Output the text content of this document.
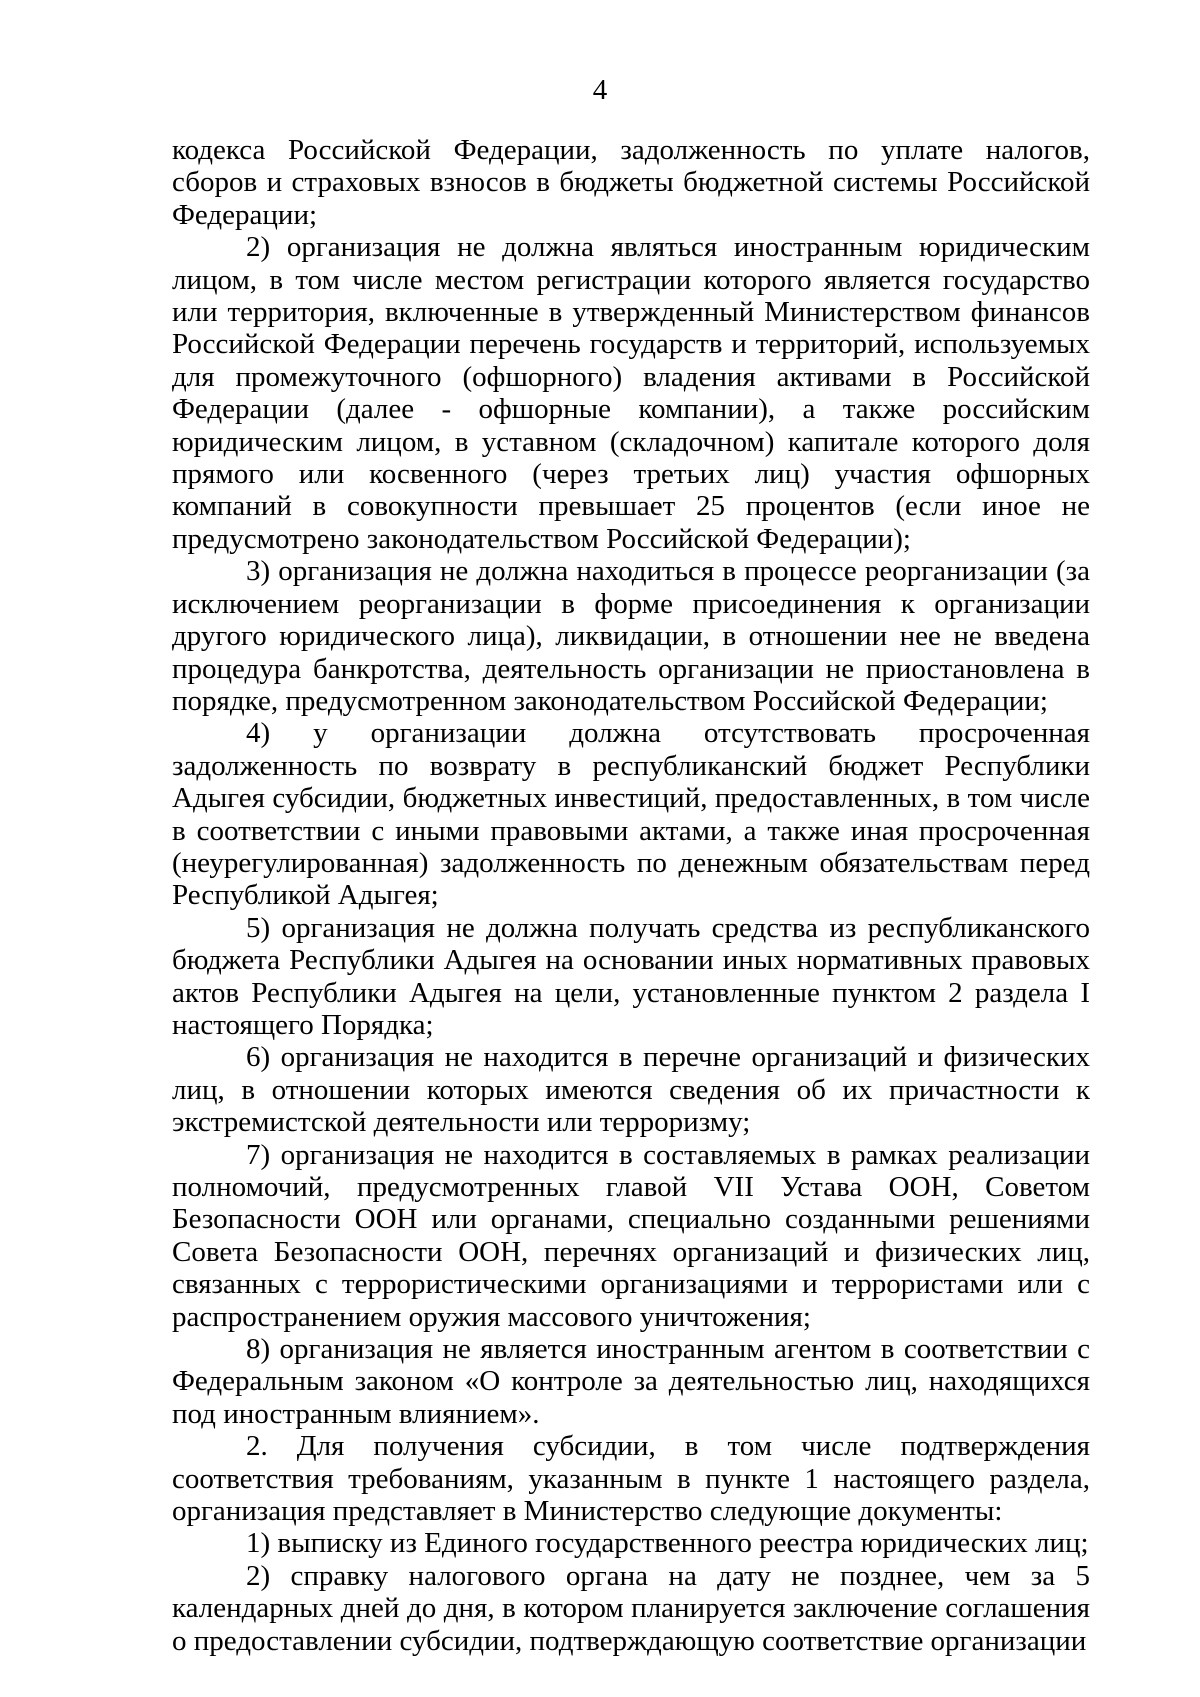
4

кодекса Российской Федерации, задолженность по уплате налогов, сборов и страховых взносов в бюджеты бюджетной системы Российской Федерации;

2) организация не должна являться иностранным юридическим лицом, в том числе местом регистрации которого является государство или территория, включенные в утвержденный Министерством финансов Российской Федерации перечень государств и территорий, используемых для промежуточного (офшорного) владения активами в Российской Федерации (далее - офшорные компании), а также российским юридическим лицом, в уставном (складочном) капитале которого доля прямого или косвенного (через третьих лиц) участия офшорных компаний в совокупности превышает 25 процентов (если иное не предусмотрено законодательством Российской Федерации);

3) организация не должна находиться в процессе реорганизации (за исключением реорганизации в форме присоединения к организации другого юридического лица), ликвидации, в отношении нее не введена процедура банкротства, деятельность организации не приостановлена в порядке, предусмотренном законодательством Российской Федерации;

4) у организации должна отсутствовать просроченная задолженность по возврату в республиканский бюджет Республики Адыгея субсидии, бюджетных инвестиций, предоставленных, в том числе в соответствии с иными правовыми актами, а также иная просроченная (неурегулированная) задолженность по денежным обязательствам перед Республикой Адыгея;

5) организация не должна получать средства из республиканского бюджета Республики Адыгея на основании иных нормативных правовых актов Республики Адыгея на цели, установленные пунктом 2 раздела I настоящего Порядка;

6) организация не находится в перечне организаций и физических лиц, в отношении которых имеются сведения об их причастности к экстремистской деятельности или терроризму;

7) организация не находится в составляемых в рамках реализации полномочий, предусмотренных главой VII Устава ООН, Советом Безопасности ООН или органами, специально созданными решениями Совета Безопасности ООН, перечнях организаций и физических лиц, связанных с террористическими организациями и террористами или с распространением оружия массового уничтожения;

8) организация не является иностранным агентом в соответствии с Федеральным законом «О контроле за деятельностью лиц, находящихся под иностранным влиянием».

2. Для получения субсидии, в том числе подтверждения соответствия требованиям, указанным в пункте 1 настоящего раздела, организация представляет в Министерство следующие документы:

1) выписку из Единого государственного реестра юридических лиц;

2) справку налогового органа на дату не позднее, чем за 5 календарных дней до дня, в котором планируется заключение соглашения о предоставлении субсидии, подтверждающую соответствие организации
